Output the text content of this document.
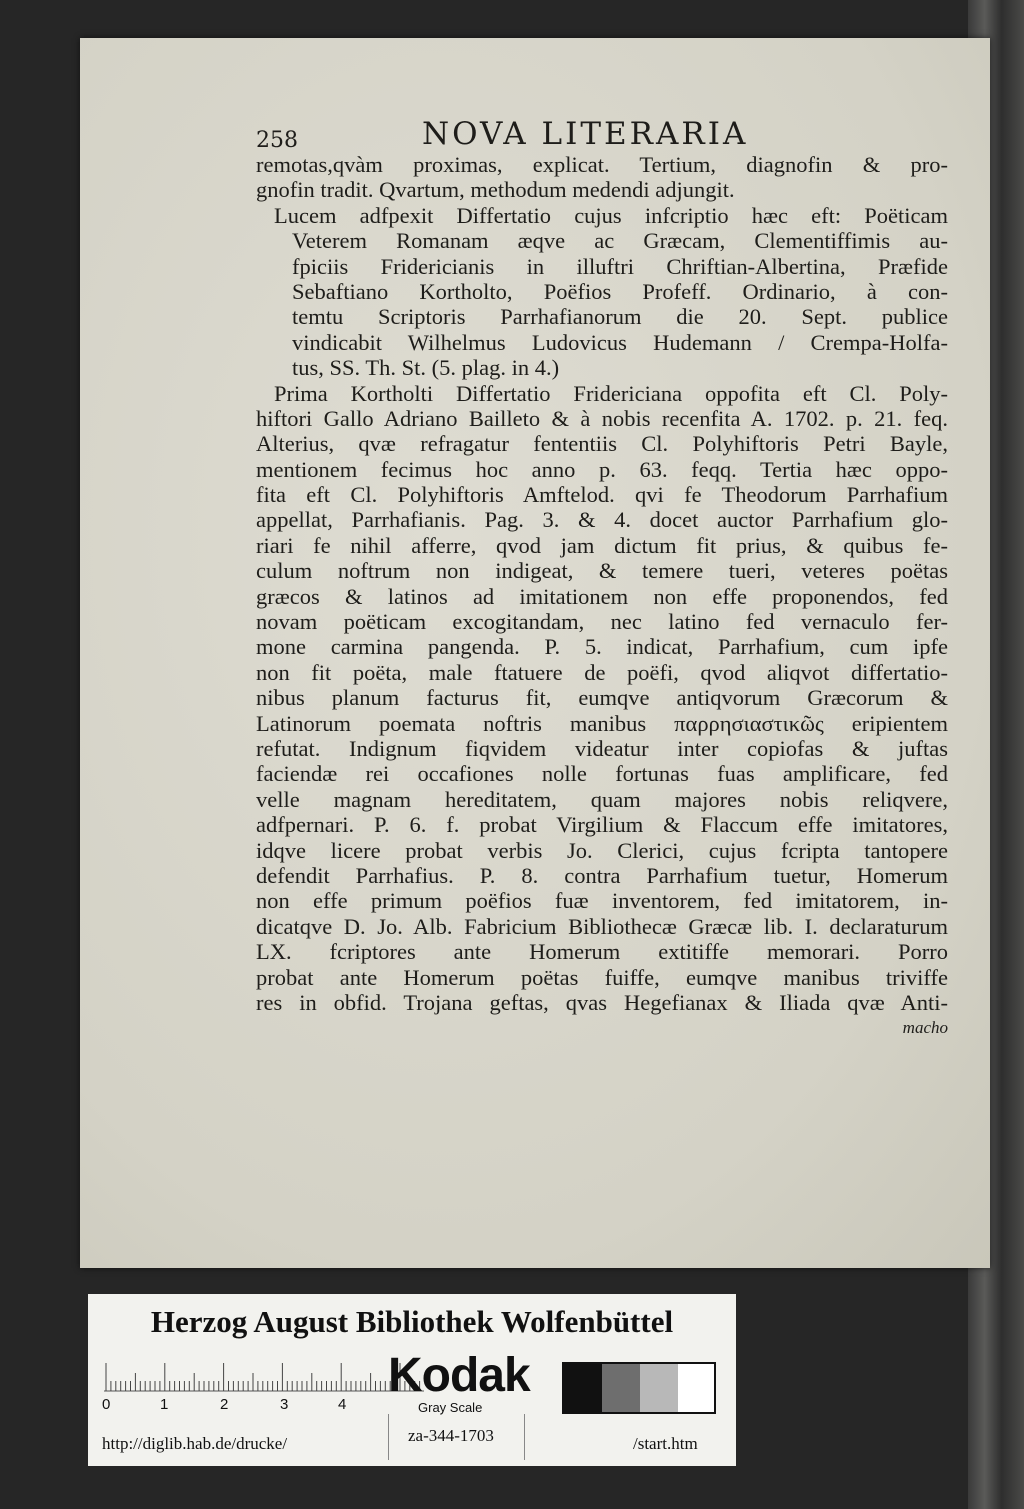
258	NOVA LITERARIA
remotas,qvàm proximas, explicat. Tertium, diagnofin & pro-
gnofin tradit. Qvartum, methodum medendi adjungit.
Lucem adfpexit Differtatio cujus infcriptio hæc eft: Poëticam
Veterem Romanam æqve ac Græcam, Clementiffimis au-
fpiciis Fridericianis in illuftri Chriftian-Albertina, Præfide
Sebaftiano Kortholto, Poëfios Profeff. Ordinario, à con-
temtu Scriptoris Parrhafianorum die 20. Sept. publice
vindicabit Wilhelmus Ludovicus Hudemann / Crempa-Holfa-
tus, SS. Th. St. (5. plag. in 4.)
Prima Kortholti Differtatio Fridericiana oppofita eft Cl. Poly-
hiftori Gallo Adriano Bailleto & à nobis recenfita A. 1702. p. 21. feq.
Alterius, qvæ refragatur fententiis Cl. Polyhiftoris Petri Bayle,
mentionem fecimus hoc anno p. 63. feqq. Tertia hæc oppo-
fita eft Cl. Polyhiftoris Amftelod. qvi fe Theodorum Parrhafium
appellat, Parrhafianis. Pag. 3. & 4. docet auctor Parrhafium glo-
riari fe nihil afferre, qvod jam dictum fit prius, & quibus fe-
culum noftrum non indigeat, & temere tueri, veteres poëtas
græcos & latinos ad imitationem non effe proponendos, fed
novam poëticam excogitandam, nec latino fed vernaculo fer-
mone carmina pangenda. P. 5. indicat, Parrhafium, cum ipfe
non fit poëta, male ftatuere de poëfi, qvod aliqvot differtatio-
nibus planum facturus fit, eumqve antiqvorum Græcorum &
Latinorum poemata noftris manibus παρρησιαστικῶς eripientem
refutat. Indignum fiqvidem videatur inter copiofas & juftas
faciendæ rei occafiones nolle fortunas fuas amplificare, fed
velle magnam hereditatem, quam majores nobis reliqvere,
adfpernari. P. 6. f. probat Virgilium & Flaccum effe imitatores,
idqve licere probat verbis Jo. Clerici, cujus fcripta tantopere
defendit Parrhafius. P. 8. contra Parrhafium tuetur, Homerum
non effe primum poëfios fuæ inventorem, fed imitatorem, in-
dicatqve D. Jo. Alb. Fabricium Bibliothecæ Græcæ lib. I. declaraturum
LX. fcriptores ante Homerum extitiffe memorari. Porro
probat ante Homerum poëtas fuiffe, eumqve manibus triviffe
res in obfid. Trojana geftas, qvas Hegefianax & Iliada qvæ Anti-
macho
Herzog August Bibliothek Wolfenbüttel
0	1	2	3	4
Kodak
Gray Scale
http://diglib.hab.de/drucke/	za-344-1703	/start.htm
